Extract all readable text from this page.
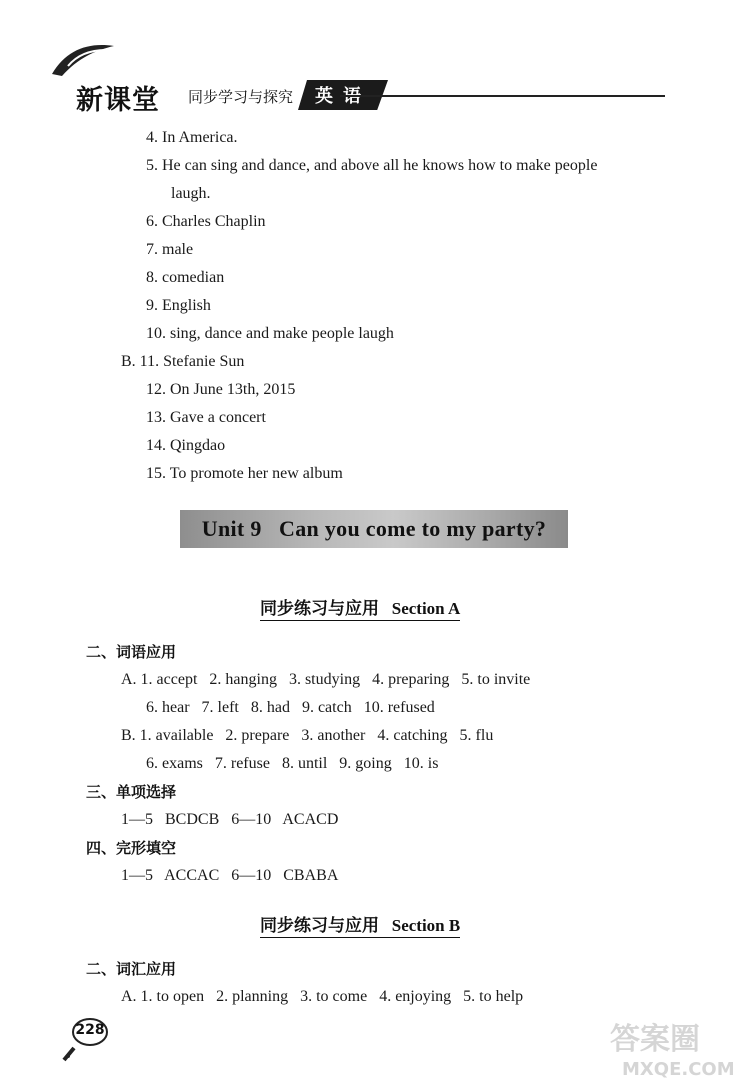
新课堂 同步学习与探究	英语
4. In America.
5. He can sing and dance, and above all he knows how to make people
laugh.
6. Charles Chaplin
7. male
8. comedian
9. English
10. sing, dance and make people laugh
B. 11. Stefanie Sun
12. On June 13th, 2015
13. Gave a concert
14. Qingdao
15. To promote her new album
Unit 9   Can you come to my party?
同步练习与应用   Section A
二、词语应用
A. 1. accept   2. hanging   3. studying   4. preparing   5. to invite
6. hear   7. left   8. had   9. catch   10. refused
B. 1. available   2. prepare   3. another   4. catching   5. flu
6. exams   7. refuse   8. until   9. going   10. is
三、单项选择
1—5   BCDCB   6—10   ACACD
四、完形填空
1—5   ACCAC   6—10   CBABA
同步练习与应用   Section B
二、词汇应用
A. 1. to open   2. planning   3. to come   4. enjoying   5. to help
228	答案圈
MXQE.COM
